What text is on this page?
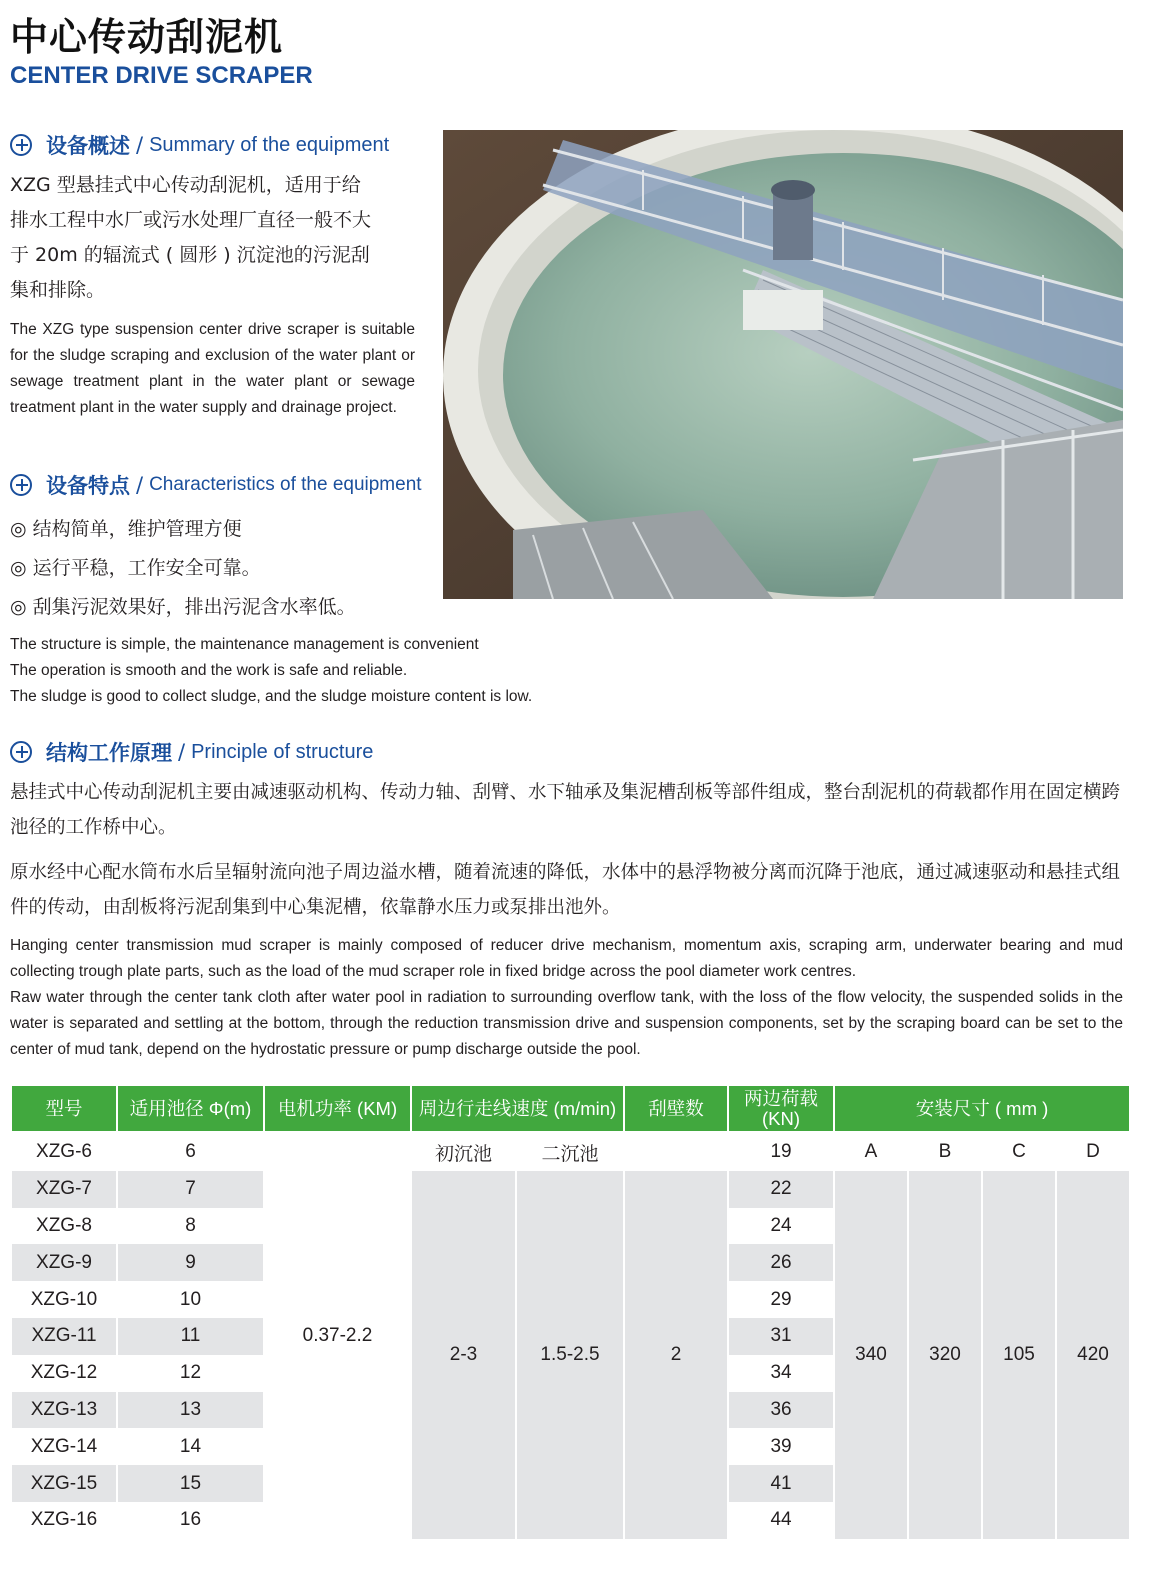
中心传动刮泥机
CENTER DRIVE SCRAPER
设备概述 / Summary of the equipment
XZG 型悬挂式中心传动刮泥机，适用于给
排水工程中水厂或污水处理厂直径一般不大
于 20m 的辐流式 ( 圆形 ) 沉淀池的污泥刮
集和排除。
The XZG type suspension center drive scraper is suitable for the sludge scraping and exclusion of the water plant or sewage treatment plant in the water plant or sewage treatment plant in the water supply and drainage project.
设备特点 / Characteristics of the equipment
◎ 结构简单，维护管理方便
◎ 运行平稳，工作安全可靠。
◎ 刮集污泥效果好，排出污泥含水率低。
The structure is simple, the maintenance management is convenient
The operation is smooth and the work is safe and reliable.
The sludge is good to collect sludge, and the sludge moisture content is low.
结构工作原理 / Principle of structure
悬挂式中心传动刮泥机主要由减速驱动机构、传动力轴、刮臂、水下轴承及集泥槽刮板等部件组成，整台刮泥机的荷载都作用在固定横跨池径的工作桥中心。
原水经中心配水筒布水后呈辐射流向池子周边溢水槽，随着流速的降低，水体中的悬浮物被分离而沉降于池底，通过减速驱动和悬挂式组件的传动，由刮板将污泥刮集到中心集泥槽，依靠静水压力或泵排出池外。
Hanging center transmission mud scraper is mainly composed of reducer drive mechanism, momentum axis, scraping arm, underwater bearing and mud collecting trough plate parts, such as the load of the mud scraper role in fixed bridge across the pool diameter work centres.
Raw water through the center tank cloth after water pool in radiation to surrounding overflow tank, with the loss of the flow velocity, the suspended solids in the water is separated and settling at the bottom, through the reduction transmission drive and suspension components, set by the scraping board can be set to the center of mud tank, depend on the hydrostatic pressure or pump discharge outside the pool.
型号	适用池径 Φ(m)	电机功率 (KM)	周边行走线速度 (m/min)		刮壁数	两边荷载 (KN)	安装尺寸 ( mm )			
XZG-6	6	0.37-2.2	初沉池	二沉池		19	A	B	C	D
XZG-7	7		2-3	1.5-2.5	2	22	340	320	105	420
XZG-8	8					24				
XZG-9	9					26				
XZG-10	10					29				
XZG-11	11					31				
XZG-12	12					34				
XZG-13	13					36				
XZG-14	14					39				
XZG-15	15					41				
XZG-16	16					44				
